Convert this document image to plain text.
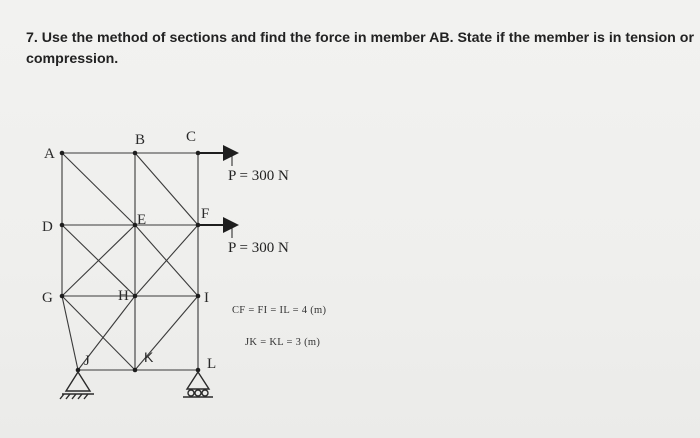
7. Use the method of sections and find the force in member AB. State if the member is in tension or
compression.
A
B	C
D	E	F
G	H	I
J	K	L
P = 300 N
P = 300 N
CF = FI = IL = 4 (m)
JK = KL = 3 (m)
